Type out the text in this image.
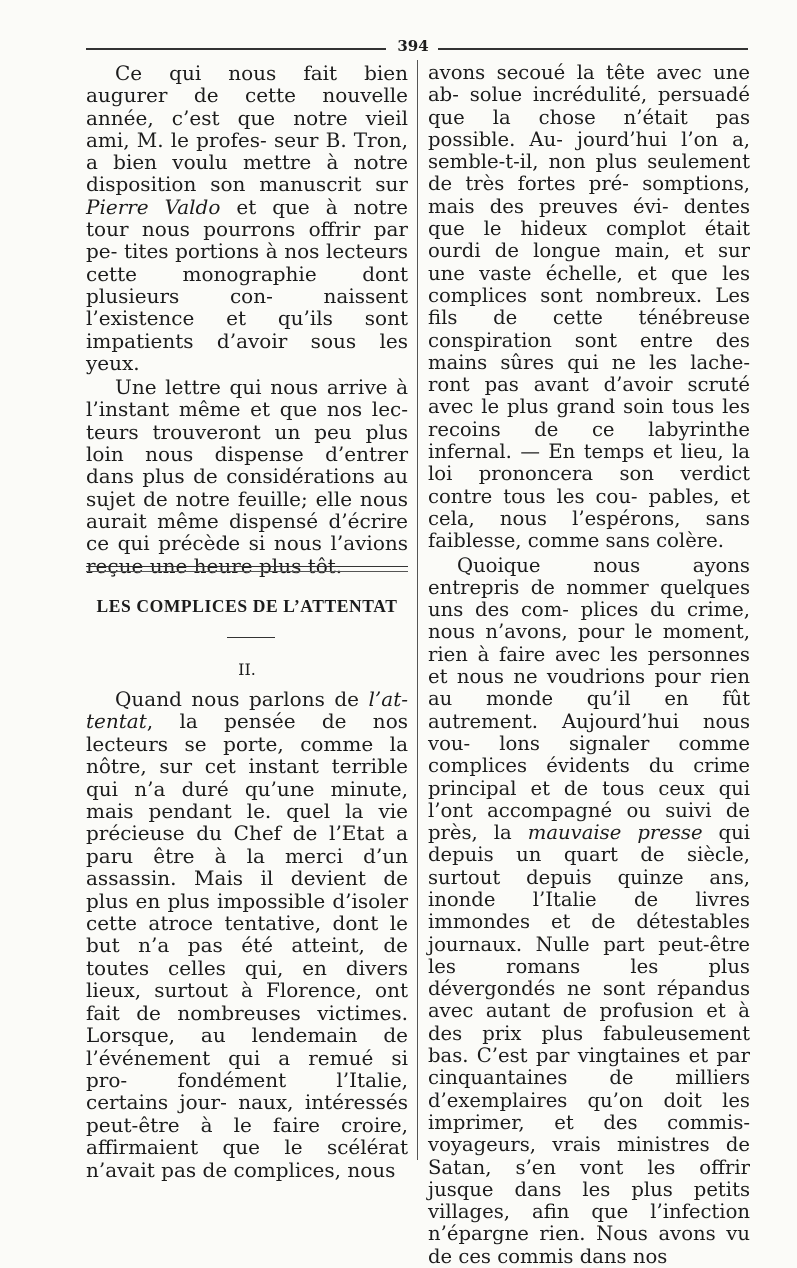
394
Ce qui nous fait bien augurer de cette nouvelle année, c’est que notre vieil ami, M. le profes- seur B. Tron, a bien voulu mettre à notre disposition son manuscrit sur Pierre Valdo et que à notre tour nous pourrons offrir par pe- tites portions à nos lecteurs cette monographie dont plusieurs con-	naissent l’existence et qu’ils sont impatients d’avoir sous les yeux.
Une lettre qui nous arrive à l’instant même et que nos lec- teurs trouveront un peu plus loin nous dispense d’entrer dans plus de considérations au sujet de notre feuille; elle nous aurait même dispensé d’écrire ce qui précède si nous l’avions reçue une heure plus tôt.
LES COMPLICES DE L’ATTENTAT
II.
Quand nous parlons de l’at- tentat, la pensée de nos lecteurs se porte, comme la nôtre, sur cet instant terrible qui n’a duré qu’une minute, mais pendant le. quel la vie précieuse du Chef de l’Etat a paru être à la merci d’un assassin. Mais il devient de plus en plus impossible d’isoler cette atroce tentative, dont le but n’a pas été atteint, de toutes celles qui, en divers lieux, surtout à Florence, ont fait de nombreuses victimes. Lorsque, au lendemain de l’événement qui a remué si pro-	fondément l’Italie, certains jour- naux, intéressés peut-être à le faire croire, affirmaient que le scélérat n’avait pas de complices, nous
avons secoué la tête avec une ab- solue incrédulité, persuadé que la chose n’était pas possible. Au- jourd’hui l’on a, semble-t-il, non plus seulement de très fortes pré- somptions, mais des preuves évi- dentes que le hideux complot était ourdi de longue main, et sur une vaste échelle, et que les complices sont nombreux. Les fils de cette ténébreuse conspiration sont entre des mains sûres qui ne les lache- ront pas avant d’avoir scruté avec le plus grand soin tous les recoins de ce labyrinthe infernal. — En temps et lieu, la loi prononcera son verdict contre tous les cou- pables, et cela, nous l’espérons, sans faiblesse, comme sans colère.
Quoique nous ayons entrepris de nommer quelques uns des com- plices du crime, nous n’avons, pour le moment, rien à faire avec les personnes et nous ne voudrions pour rien au monde qu’il en fût autrement. Aujourd’hui nous vou- lons signaler comme complices évidents du crime principal et de tous ceux qui l’ont accompagné ou suivi de près, la mauvaise presse qui depuis un quart de siècle, surtout depuis quinze ans, inonde l’Italie de livres immondes et de détestables journaux. Nulle part peut-être les romans les plus dévergondés ne sont répandus avec autant de profusion et à des prix plus fabuleusement bas. C’est par vingtaines et par cinquantaines de milliers d’exemplaires qu’on doit les imprimer, et des commis- voyageurs, vrais ministres de Satan, s’en vont les offrir jusque dans les plus petits villages, afin que l’infection n’épargne rien. Nous avons vu de ces commis dans nos
